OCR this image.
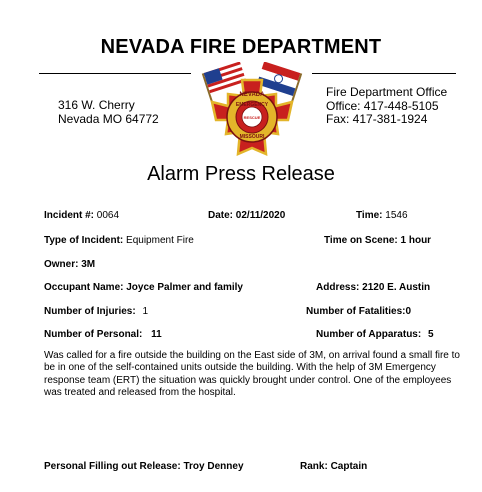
NEVADA FIRE DEPARTMENT
316 W. Cherry
Nevada MO 64772
Fire Department Office
Office: 417-448-5105
Fax: 417-381-1924
NEVADA
EMERGENCY
RESCUE
MISSOURI
Alarm Press Release
Incident #: 0064	Date: 02/11/2020	Time: 1546
Type of Incident: Equipment Fire	Time on Scene: 1 hour
Owner: 3M
Occupant Name: Joyce Palmer and family	Address: 2120 E. Austin
Number of Injuries: 1	Number of Fatalities:0
Number of Personal: 11	Number of Apparatus: 5
Was called for a fire outside the building on the East side of 3M, on arrival found a small fire to be in one of the self-contained units outside the building. With the help of 3M Emergency response team (ERT) the situation was quickly brought under control. One of the employees was treated and released from the hospital.
Personal Filling out Release: Troy Denney	Rank: Captain
